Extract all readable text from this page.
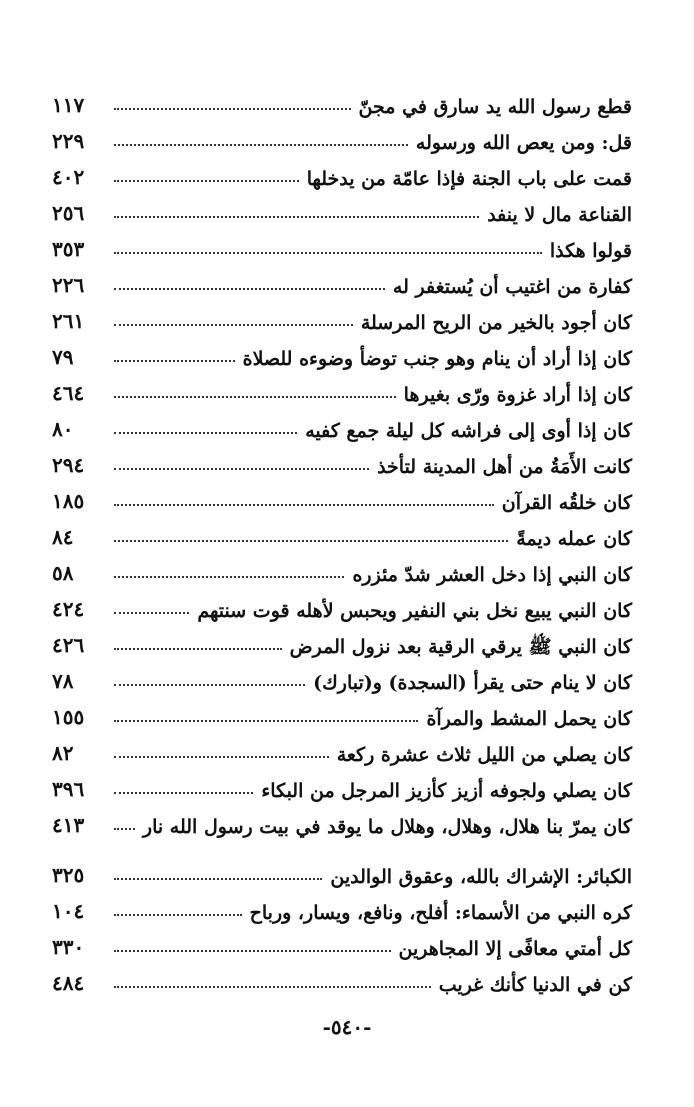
قطع رسول الله يد سارق في مجنّ
١١٧
قل: ومن يعص الله ورسوله
٢٢٩
قمت على باب الجنة فإذا عامّة من يدخلها
٤٠٢
القناعة مال لا ينفد
٢٥٦
قولوا هكذا
٣٥٣
كفارة من اغتيب أن يُستغفر له
٢٢٦
كان أجود بالخير من الريح المرسلة
٢٦١
كان إذا أراد أن ينام وهو جنب توضأ وضوءه للصلاة
٧٩
كان إذا أراد غزوة ورّى بغيرها
٤٦٤
كان إذا أوى إلى فراشه كل ليلة جمع كفيه
٨٠
كانت الأَمَةُ من أهل المدينة لتأخذ
٢٩٤
كان خلقُه القرآن
١٨٥
كان عمله ديمةً
٨٤
كان النبي إذا دخل العشر شدّ مئزره
٥٨
كان النبي يبيع نخل بني النفير ويحبس لأهله قوت سنتهم
٤٢٤
كان النبي ﷺ يرقي الرقية بعد نزول المرض
٤٢٦
كان لا ينام حتى يقرأ (السجدة) و(تبارك)
٧٨
كان يحمل المشط والمرآة
١٥٥
كان يصلي من الليل ثلاث عشرة ركعة
٨٢
كان يصلي ولجوفه أزيز كأزيز المرجل من البكاء
٣٩٦
كان يمرّ بنا هلال، وهلال، وهلال ما يوقد في بيت رسول الله نار
٤١٣
الكبائر: الإشراك بالله، وعقوق الوالدين
٣٢٥
كره النبي من الأسماء: أفلح، ونافع، ويسار، ورباح
١٠٤
كل أمتي معافًى إلا المجاهرين
٣٣٠
كن في الدنيا كأنك غريب
٤٨٤
-٥٤٠-
